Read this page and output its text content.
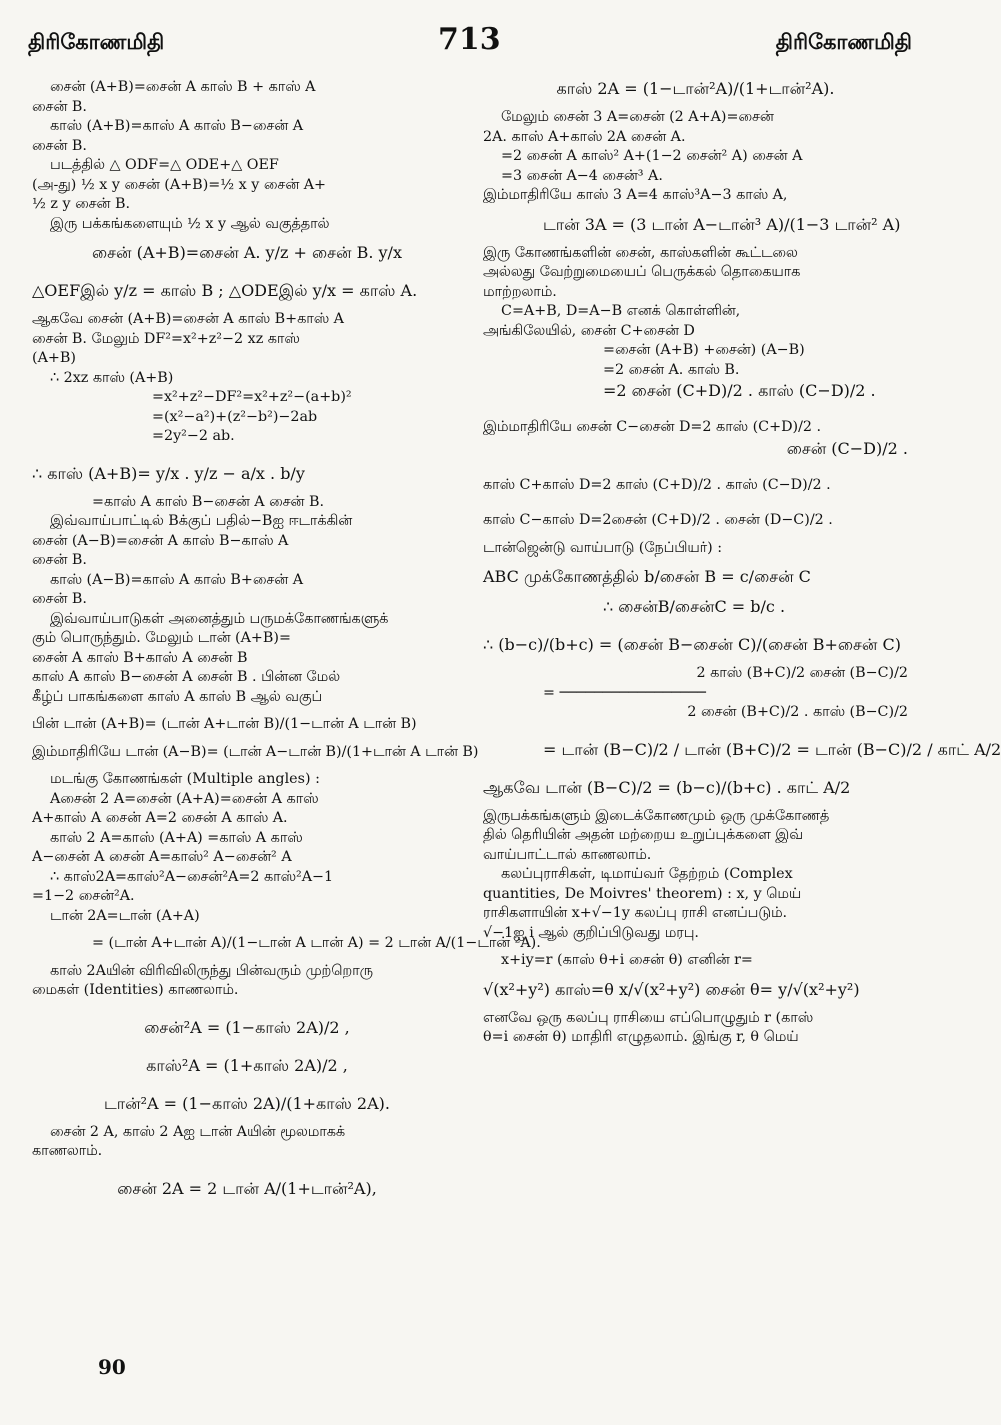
திரிகோணமிதி	713	திரிகோணமிதி
சைன் (A+B)=சைன் A காஸ் B + காஸ் A
சைன் B.
காஸ் (A+B)=காஸ் A காஸ் B−சைன் A
சைன் B.
படத்தில் △ ODF=△ ODE+△ OEF
(அ-து) ½ x y சைன் (A+B)=½ x y சைன் A+
½ z y சைன் B.
இரு பக்கங்களையும் ½ x y ஆல் வகுத்தால்
சைன் (A+B)=சைன் A. y/z + சைன் B. y/x
△OEFஇல் y/z = காஸ் B ; △ODEஇல் y/x = காஸ் A.
ஆகவே சைன் (A+B)=சைன் A காஸ் B+காஸ் A
சைன் B. மேலும் DF²=x²+z²−2 xz காஸ்
(A+B)
∴ 2xz காஸ் (A+B)
=x²+z²−DF²=x²+z²−(a+b)²
=(x²−a²)+(z²−b²)−2ab
=2y²−2 ab.
∴ காஸ் (A+B)= y/x . y/z − a/x . b/y
=காஸ் A காஸ் B−சைன் A சைன் B.
இவ்வாய்பாட்டில் Bக்குப் பதில்−Bஐ ஈடாக்கின்
சைன் (A−B)=சைன் A காஸ் B−காஸ் A
சைன் B.
காஸ் (A−B)=காஸ் A காஸ் B+சைன் A
சைன் B.
இவ்வாய்பாடுகள் அனைத்தும் பருமக்கோணங்களுக்
கும் பொருந்தும். மேலும் டான் (A+B)=
சைன் A காஸ் B+காஸ் A சைன் B
காஸ் A காஸ் B−சைன் A சைன் B . பின்ன மேல்
கீழ்ப் பாகங்களை காஸ் A காஸ் B ஆல் வகுப்
பின் டான் (A+B)= (டான் A+டான் B)/(1−டான் A டான் B)
இம்மாதிரியே டான் (A−B)= (டான் A−டான் B)/(1+டான் A டான் B)
மடங்கு கோணங்கள் (Multiple angles) :
Aசைன் 2 A=சைன் (A+A)=சைன் A காஸ்
A+காஸ் A சைன் A=2 சைன் A காஸ் A.
காஸ் 2 A=காஸ் (A+A) =காஸ் A காஸ்
A−சைன் A சைன் A=காஸ்² A−சைன்² A
∴ காஸ்2A=காஸ்²A−சைன்²A=2 காஸ்²A−1
=1−2 சைன்²A.
டான் 2A=டான் (A+A)
= (டான் A+டான் A)/(1−டான் A டான் A) = 2 டான் A/(1−டான் ²A).
காஸ் 2Aயின் விரிவிலிருந்து பின்வரும் முற்றொரு
மைகள் (Identities) காணலாம்.
சைன்²A = (1−காஸ் 2A)/2 ,
காஸ்²A = (1+காஸ் 2A)/2 ,
டான்²A = (1−காஸ் 2A)/(1+காஸ் 2A).
சைன் 2 A, காஸ் 2 Aஐ டான் Aயின் மூலமாகக்
காணலாம்.
சைன் 2A = 2 டான் A/(1+டான்²A),
காஸ் 2A = (1−டான்²A)/(1+டான்²A).
மேலும் சைன் 3 A=சைன் (2 A+A)=சைன்
2A. காஸ் A+காஸ் 2A சைன் A.
=2 சைன் A காஸ்² A+(1−2 சைன்² A) சைன் A
=3 சைன் A−4 சைன்³ A.
இம்மாதிரியே காஸ் 3 A=4 காஸ்³A−3 காஸ் A,
டான் 3A = (3 டான் A−டான்³ A)/(1−3 டான்² A)
இரு கோணங்களின் சைன், காஸ்களின் கூட்டலை
அல்லது வேற்றுமையைப் பெருக்கல் தொகையாக
மாற்றலாம்.
C=A+B, D=A−B எனக் கொள்ளின்,
அங்கிலேயில், சைன் C+சைன் D
=சைன் (A+B) +சைன்) (A−B)
=2 சைன் A. காஸ் B.
=2 சைன் (C+D)/2 . காஸ் (C−D)/2 .
இம்மாதிரியே சைன் C−சைன் D=2 காஸ் (C+D)/2 .
சைன் (C−D)/2 .
காஸ் C+காஸ் D=2 காஸ் (C+D)/2 . காஸ் (C−D)/2 .
காஸ் C−காஸ் D=2சைன் (C+D)/2 . சைன் (D−C)/2 .
டான்ஜென்டு வாய்பாடு (நேப்பியர்) :
ABC முக்கோணத்தில் b/சைன் B = c/சைன் C
∴ சைன்B/சைன்C = b/c .
∴ (b−c)/(b+c) = (சைன் B−சைன் C)/(சைன் B+சைன் C)
2 காஸ் (B+C)/2 சைன் (B−C)/2
= ─────────────────
2 சைன் (B+C)/2 . காஸ் (B−C)/2
= டான் (B−C)/2 / டான் (B+C)/2 = டான் (B−C)/2 / காட் A/2
ஆகவே டான் (B−C)/2 = (b−c)/(b+c) . காட் A/2
இருபக்கங்களும் இடைக்கோணமும் ஒரு முக்கோணத்
தில் தெரியின் அதன் மற்றைய உறுப்புக்களை இவ்
வாய்பாட்டால் காணலாம்.
கலப்புராசிகள், டிமாய்வர் தேற்றம் (Complex
quantities, De Moivres' theorem) : x, y மெய்
ராசிகளாயின் x+√−1y கலப்பு ராசி எனப்படும்.
√−1ஐ i ஆல் குறிப்பிடுவது மரபு.
x+iy=r (காஸ் θ+i சைன் θ) எனின் r=
√(x²+y²) காஸ்=θ x/√(x²+y²) சைன் θ= y/√(x²+y²)
எனவே ஒரு கலப்பு ராசியை எப்பொழுதும் r (காஸ்
θ=i சைன் θ) மாதிரி எழுதலாம். இங்கு r, θ மெய்
90
